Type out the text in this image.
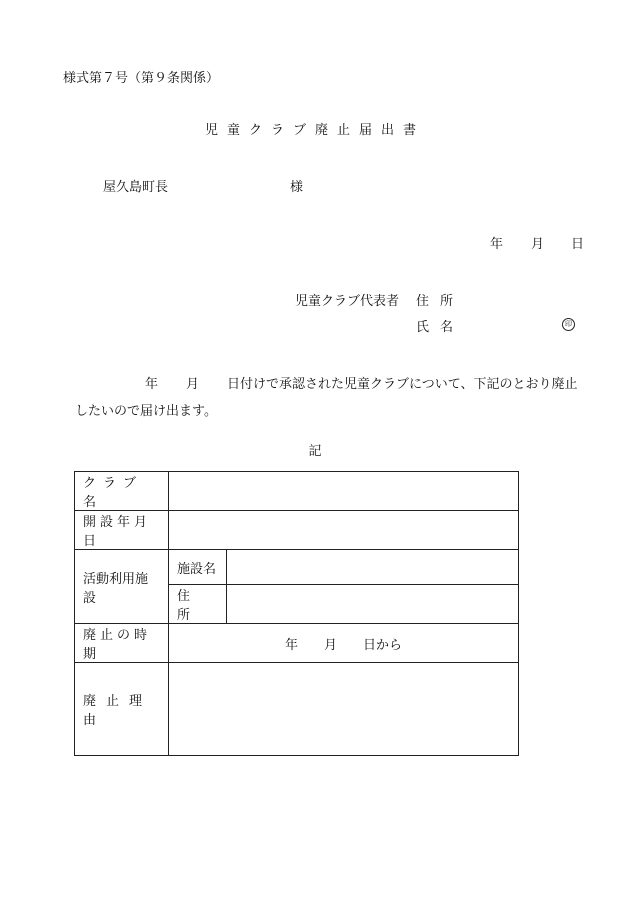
様式第７号（第９条関係）
児童クラブ廃止届出書
屋久島町長	様
年 月 日
児童クラブ代表者 住所
氏名	印
年 月 日付けで承認された児童クラブについて、下記のとおり廃止
したいので届け出ます。
記
クラブ名		
開設年月日		
活動利用施設	施設名	
	住所	
廃止の時期	年　　月　　日から	
廃止理由		
